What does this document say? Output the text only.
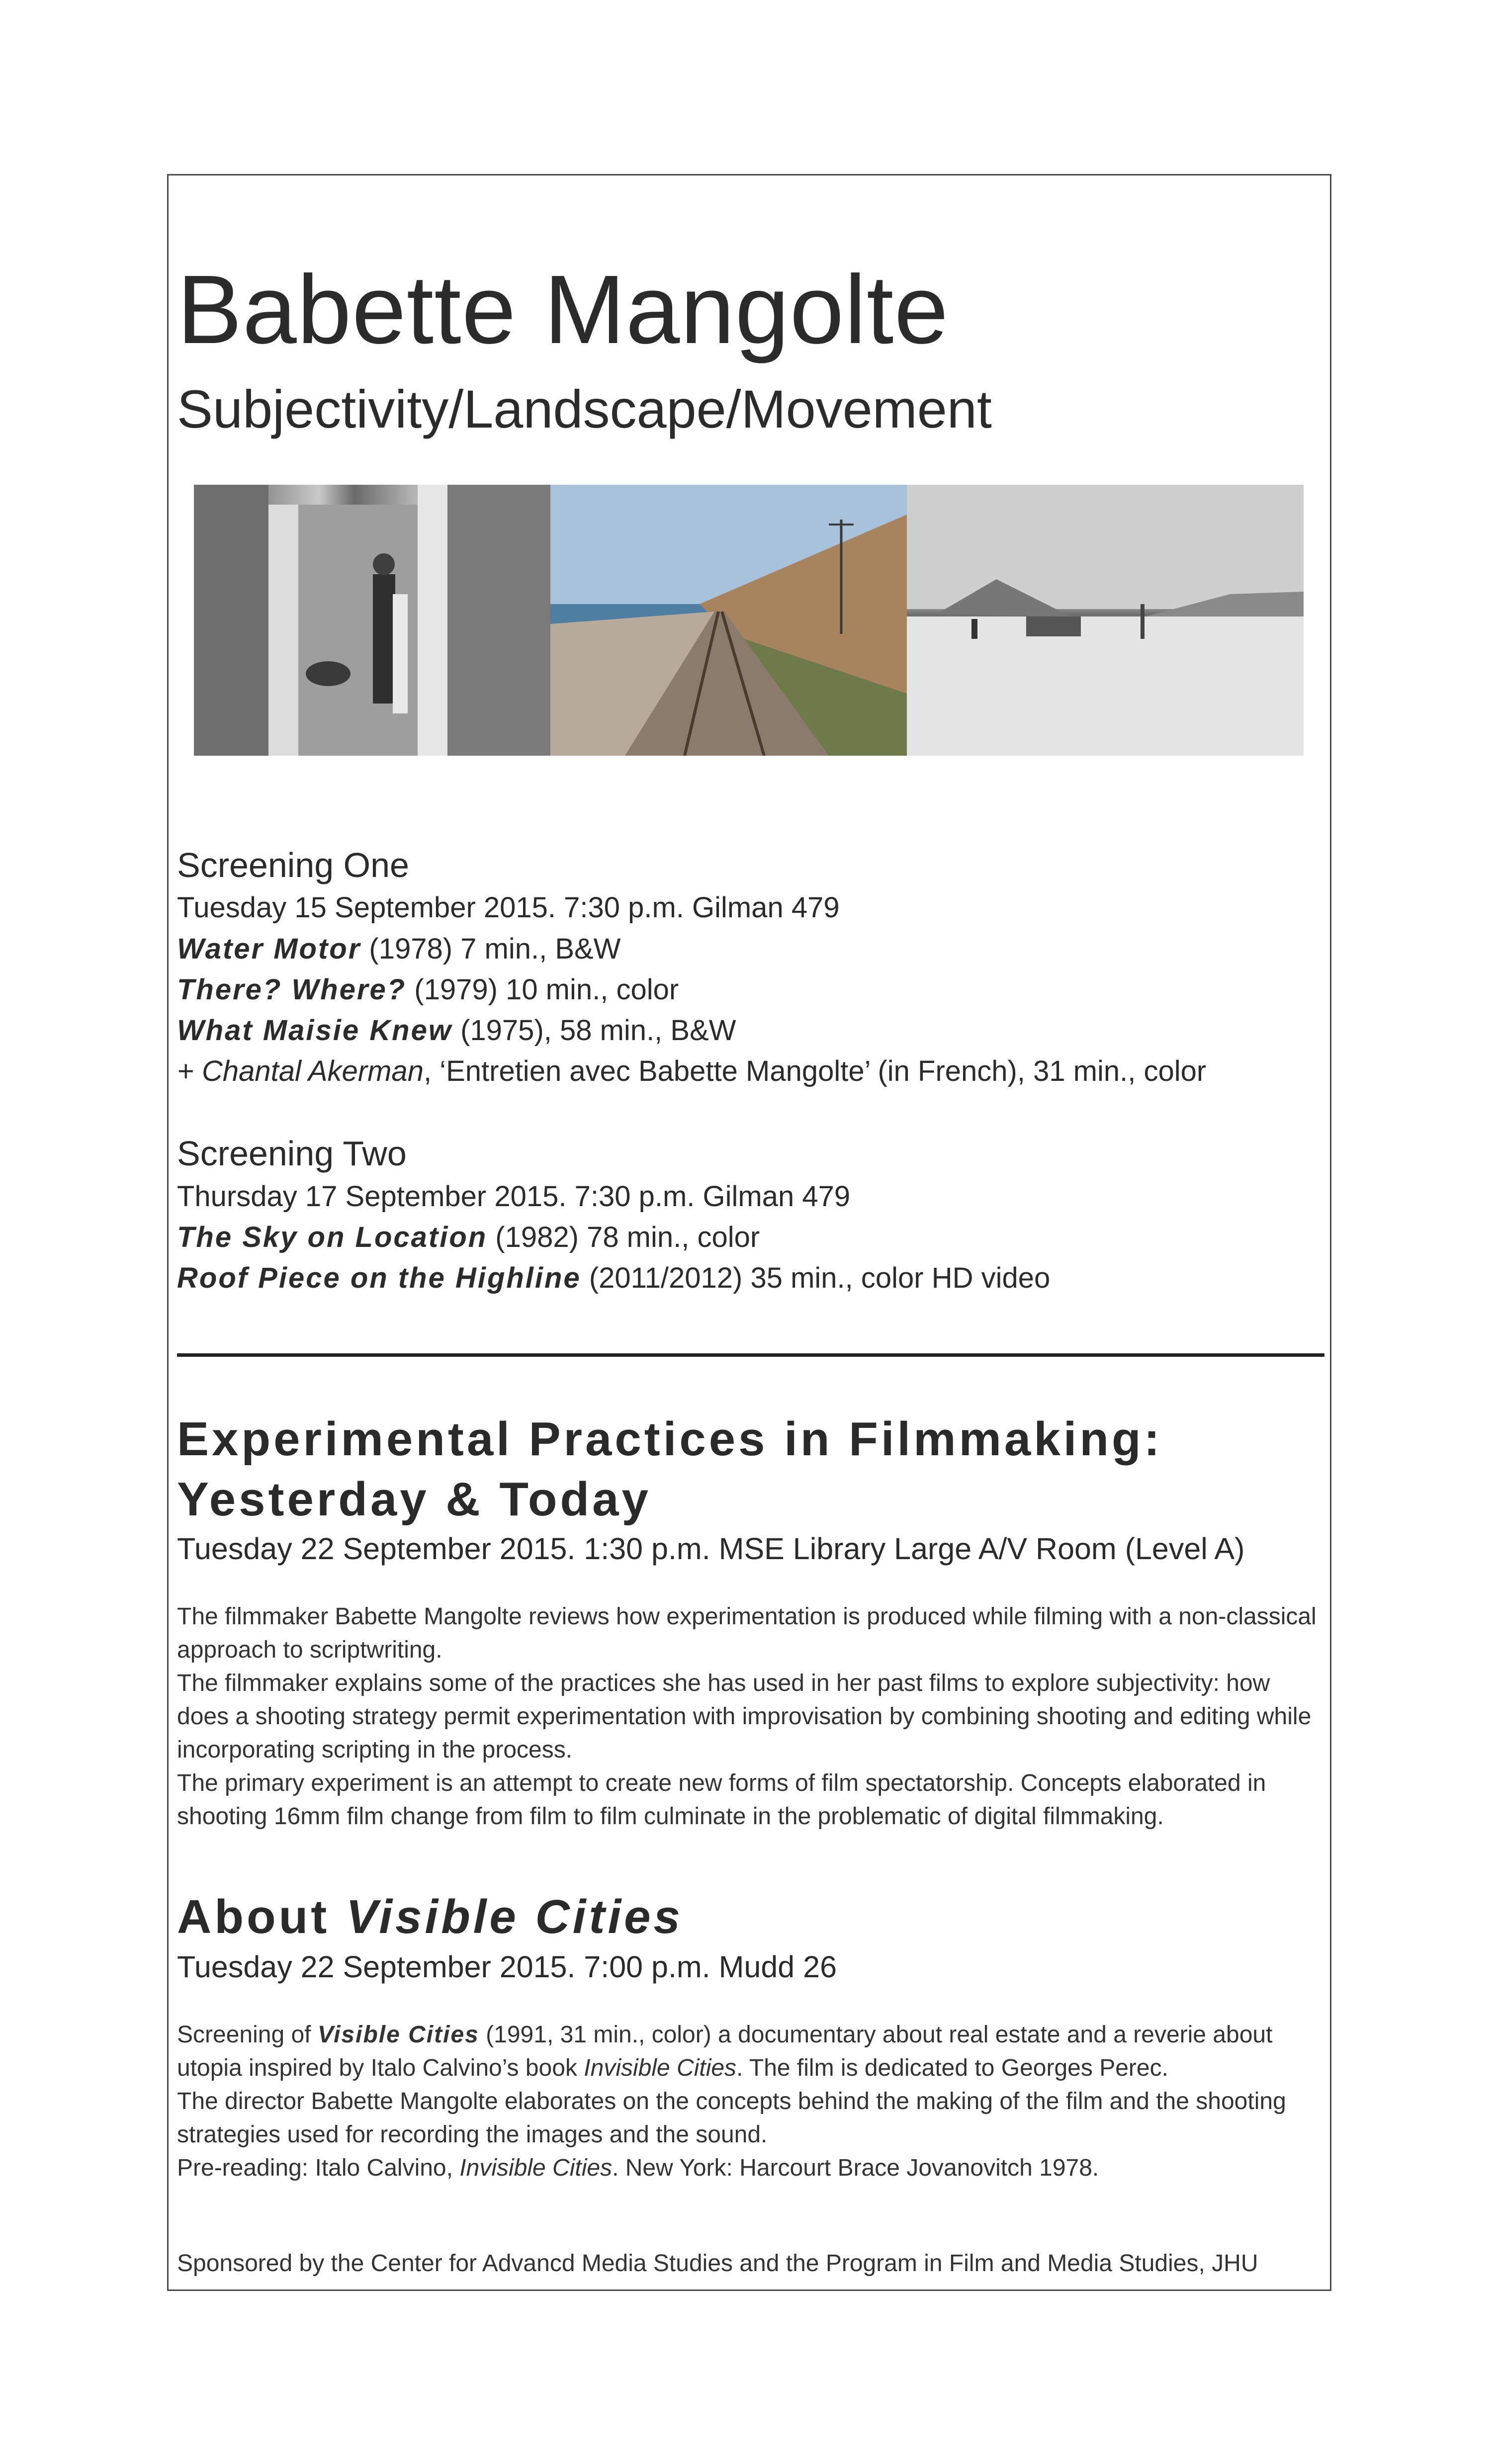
Babette Mangolte
Subjectivity/Landscape/Movement
Screening One
Tuesday 15 September 2015. 7:30 p.m. Gilman 479
Water Motor (1978) 7 min., B&W
There? Where? (1979) 10 min., color
What Maisie Knew (1975), 58 min., B&W
+ Chantal Akerman, ‘Entretien avec Babette Mangolte’ (in French), 31 min., color
Screening Two
Thursday 17 September 2015. 7:30 p.m. Gilman 479
The Sky on Location (1982) 78 min., color
Roof Piece on the Highline (2011/2012) 35 min., color HD video
Experimental Practices in Filmmaking:
Yesterday & Today
Tuesday 22 September 2015. 1:30 p.m. MSE Library Large A/V Room (Level A)

The filmmaker Babette Mangolte reviews how experimentation is produced while filming with a non-classical approach to scriptwriting.

The filmmaker explains some of the practices she has used in her past films to explore subjectivity: how does a shooting strategy permit experimentation with improvisation by combining shooting and editing while incorporating scripting in the process.

The primary experiment is an attempt to create new forms of film spectatorship. Concepts elaborated in shooting 16mm film change from film to film culminate in the problematic of digital filmmaking.

About Visible Cities
Tuesday 22 September 2015. 7:00 p.m. Mudd 26

Screening of Visible Cities (1991, 31 min., color) a documentary about real estate and a reverie about utopia inspired by Italo Calvino’s book Invisible Cities. The film is dedicated to Georges Perec.

The director Babette Mangolte elaborates on the concepts behind the making of the film and the shooting strategies used for recording the images and the sound.

Pre-reading: Italo Calvino, Invisible Cities. New York: Harcourt Brace Jovanovitch 1978.

Sponsored by the Center for Advancd Media Studies and the Program in Film and Media Studies, JHU
